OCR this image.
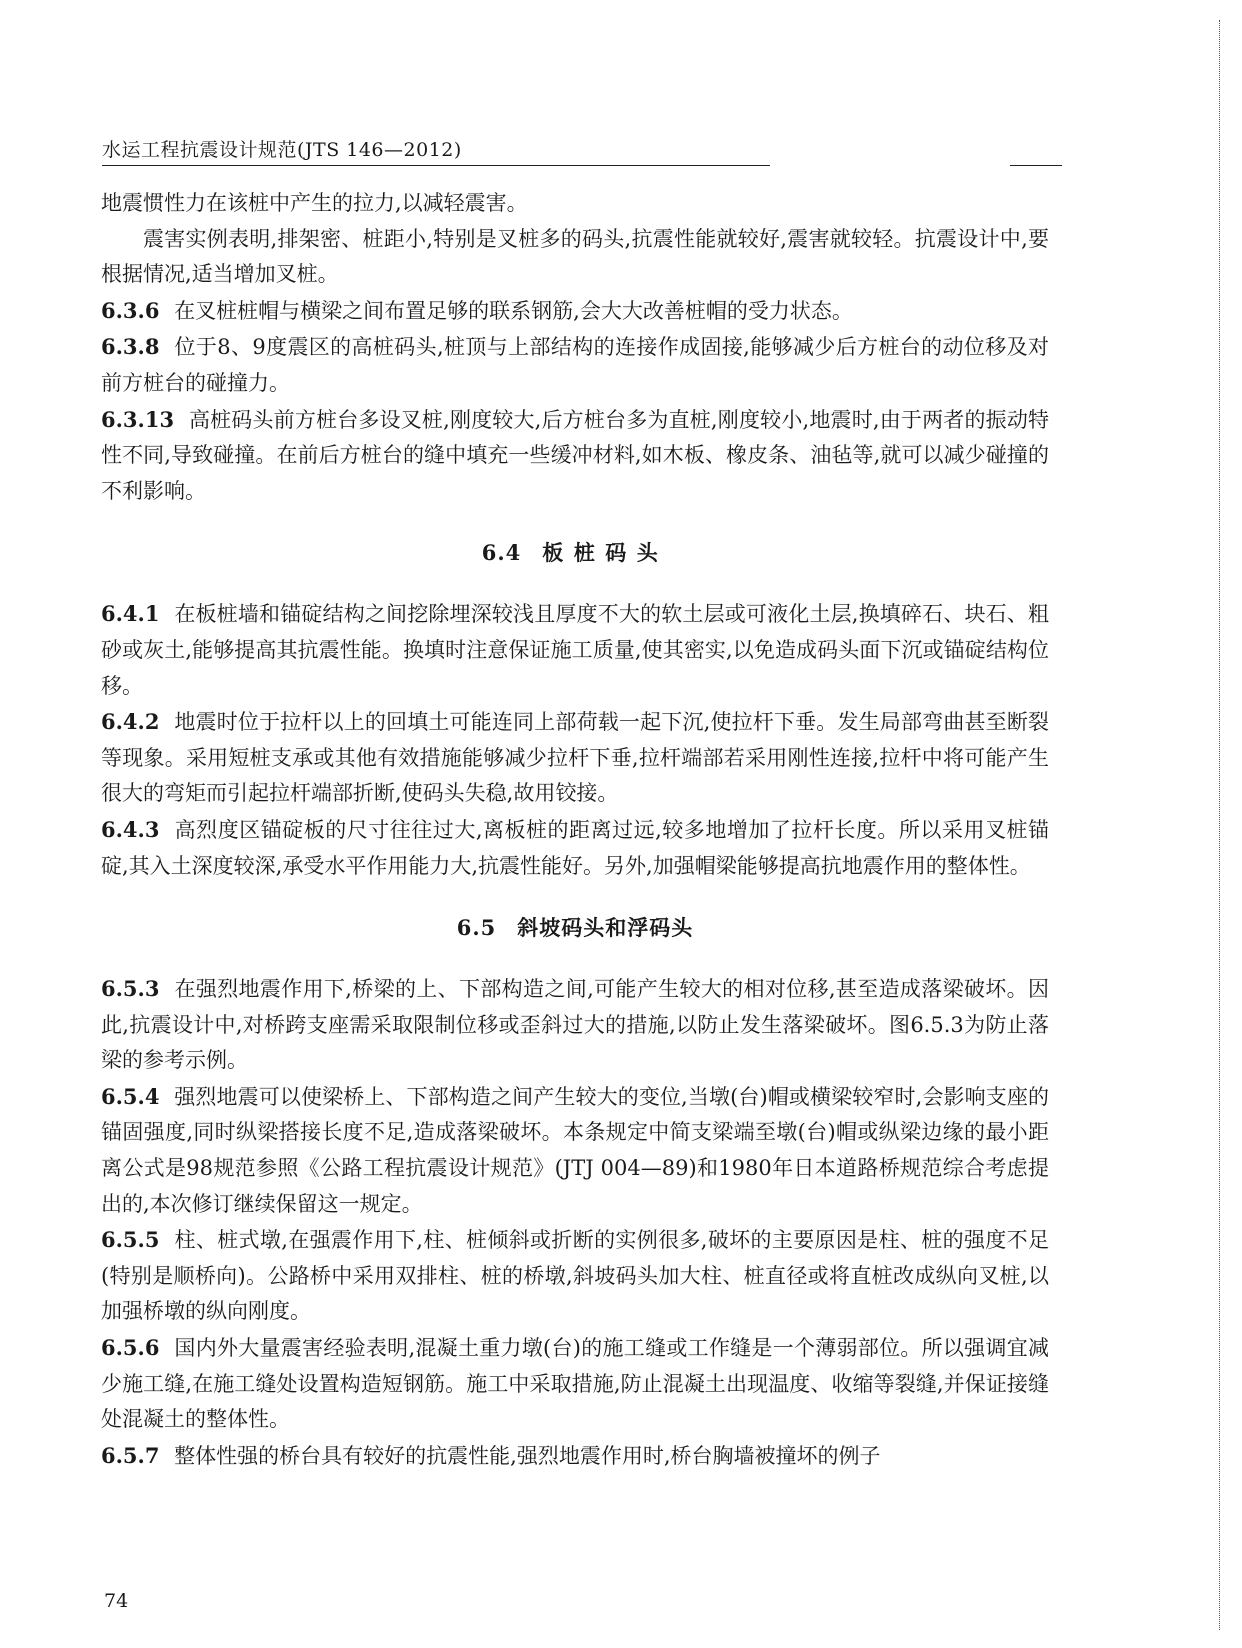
水运工程抗震设计规范(JTS 146—2012)

地震惯性力在该桩中产生的拉力,以减轻震害。

震害实例表明,排架密、桩距小,特别是叉桩多的码头,抗震性能就较好,震害就较轻。抗震设计中,要根据情况,适当增加叉桩。

6.3.6 在叉桩桩帽与横梁之间布置足够的联系钢筋,会大大改善桩帽的受力状态。

6.3.8 位于8、9度震区的高桩码头,桩顶与上部结构的连接作成固接,能够减少后方桩台的动位移及对前方桩台的碰撞力。

6.3.13 高桩码头前方桩台多设叉桩,刚度较大,后方桩台多为直桩,刚度较小,地震时,由于两者的振动特性不同,导致碰撞。在前后方桩台的缝中填充一些缓冲材料,如木板、橡皮条、油毡等,就可以减少碰撞的不利影响。

6.4 板桩码头

6.4.1 在板桩墙和锚碇结构之间挖除埋深较浅且厚度不大的软土层或可液化土层,换填碎石、块石、粗砂或灰土,能够提高其抗震性能。换填时注意保证施工质量,使其密实,以免造成码头面下沉或锚碇结构位移。

6.4.2 地震时位于拉杆以上的回填土可能连同上部荷载一起下沉,使拉杆下垂。发生局部弯曲甚至断裂等现象。采用短桩支承或其他有效措施能够减少拉杆下垂,拉杆端部若采用刚性连接,拉杆中将可能产生很大的弯矩而引起拉杆端部折断,使码头失稳,故用铰接。

6.4.3 高烈度区锚碇板的尺寸往往过大,离板桩的距离过远,较多地增加了拉杆长度。所以采用叉桩锚碇,其入土深度较深,承受水平作用能力大,抗震性能好。另外,加强帽梁能够提高抗地震作用的整体性。

6.5 斜坡码头和浮码头

6.5.3 在强烈地震作用下,桥梁的上、下部构造之间,可能产生较大的相对位移,甚至造成落梁破坏。因此,抗震设计中,对桥跨支座需采取限制位移或歪斜过大的措施,以防止发生落梁破坏。图6.5.3为防止落梁的参考示例。

6.5.4 强烈地震可以使梁桥上、下部构造之间产生较大的变位,当墩(台)帽或横梁较窄时,会影响支座的锚固强度,同时纵梁搭接长度不足,造成落梁破坏。本条规定中简支梁端至墩(台)帽或纵梁边缘的最小距离公式是98规范参照《公路工程抗震设计规范》(JTJ 004—89)和1980年日本道路桥规范综合考虑提出的,本次修订继续保留这一规定。

6.5.5 柱、桩式墩,在强震作用下,柱、桩倾斜或折断的实例很多,破坏的主要原因是柱、桩的强度不足(特别是顺桥向)。公路桥中采用双排柱、桩的桥墩,斜坡码头加大柱、桩直径或将直桩改成纵向叉桩,以加强桥墩的纵向刚度。

6.5.6 国内外大量震害经验表明,混凝土重力墩(台)的施工缝或工作缝是一个薄弱部位。所以强调宜减少施工缝,在施工缝处设置构造短钢筋。施工中采取措施,防止混凝土出现温度、收缩等裂缝,并保证接缝处混凝土的整体性。

6.5.7 整体性强的桥台具有较好的抗震性能,强烈地震作用时,桥台胸墙被撞坏的例子

74
